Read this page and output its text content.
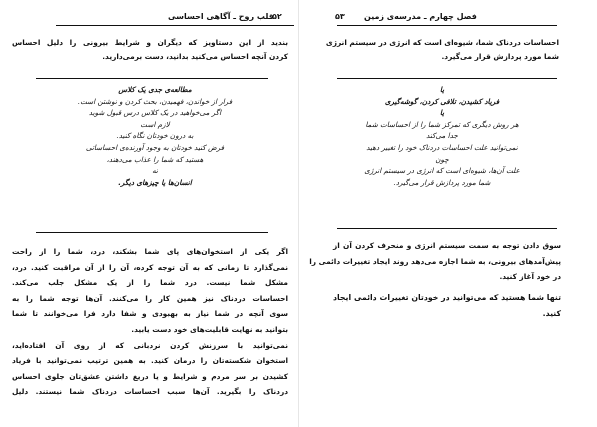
۵۲
قلب روح ـ آگاهی احساسی
بندید از این دستاویز که دیگران و شرایط بیرونی را دلیل احساس
کردن آنچه احساس می‌کنید بدانید، دست برمی‌دارید.
مطالعه‌ی جدی یک کلاس
فرار از خواندن، فهمیدن، بحث کردن و نوشتن است.
اگر می‌خواهید در یک کلاس درس قبول شوید
لازم است
به درون خودتان نگاه کنید.
فرض کنید خودتان به وجود آورنده‌ی احساساتی
هستید که شما را عذاب می‌دهند،
نه
انسان‌ها یا چیزهای دیگر.
اگر یکی از استخوان‌های پای شما بشکند، درد، شما را از راحت
نمی‌گذارد تا زمانی که به آن توجه کرده، آن را از آن مراقبت کنید. درد،
مشکل شما نیست. درد شما را از یک مشکل جلب می‌کند.
احساسات دردناک نیز همین کار را می‌کنند. آن‌ها توجه شما را به
سوی آنچه در شما نیاز به بهبودی و شفا دارد فرا می‌خوانند تا شما
بتوانید به نهایت قابلیت‌های خود دست یابید.
نمی‌توانید با سرزنش کردن نردبانی که از روی آن افتاده‌اید،
استخوان شکسته‌تان را درمان کنید. به همین ترتیب نمی‌توانید با فریاد
کشیدن بر سر مردم و شرایط و یا دریغ داشتن عشق‌تان جلوی احساس
دردناک را بگیرید. آن‌ها سبب احساسات دردناک شما نیستند. دلیل
۵۳ فصل چهارم ـ مدرسه‌ی زمین
احساسات دردناک شما، شیوه‌ای است که انرژی در سیستم انرژی
شما مورد پردازش قرار می‌گیرد.
یا
فریاد کشیدن، تلافی کردن، گوشه‌گیری
یا
هر روش دیگری که تمرکز شما را از احساسات شما
جدا می‌کند
نمی‌توانید علت احساسات دردناک خود را تغییر دهید
چون
علت آن‌ها، شیوه‌ای است که انرژی در سیستم انرژی
شما مورد پردازش قرار می‌گیرد.
سوق دادن توجه به سمت سیستم انرژی و منحرف کردن آن از
پیش‌آمدهای بیرونی، به شما اجازه می‌دهد روند ایجاد تغییرات دائمی را
در خود آغاز کنید.
تنها شما هستید که می‌توانید در خودتان تغییرات دائمی ایجاد
کنید.
